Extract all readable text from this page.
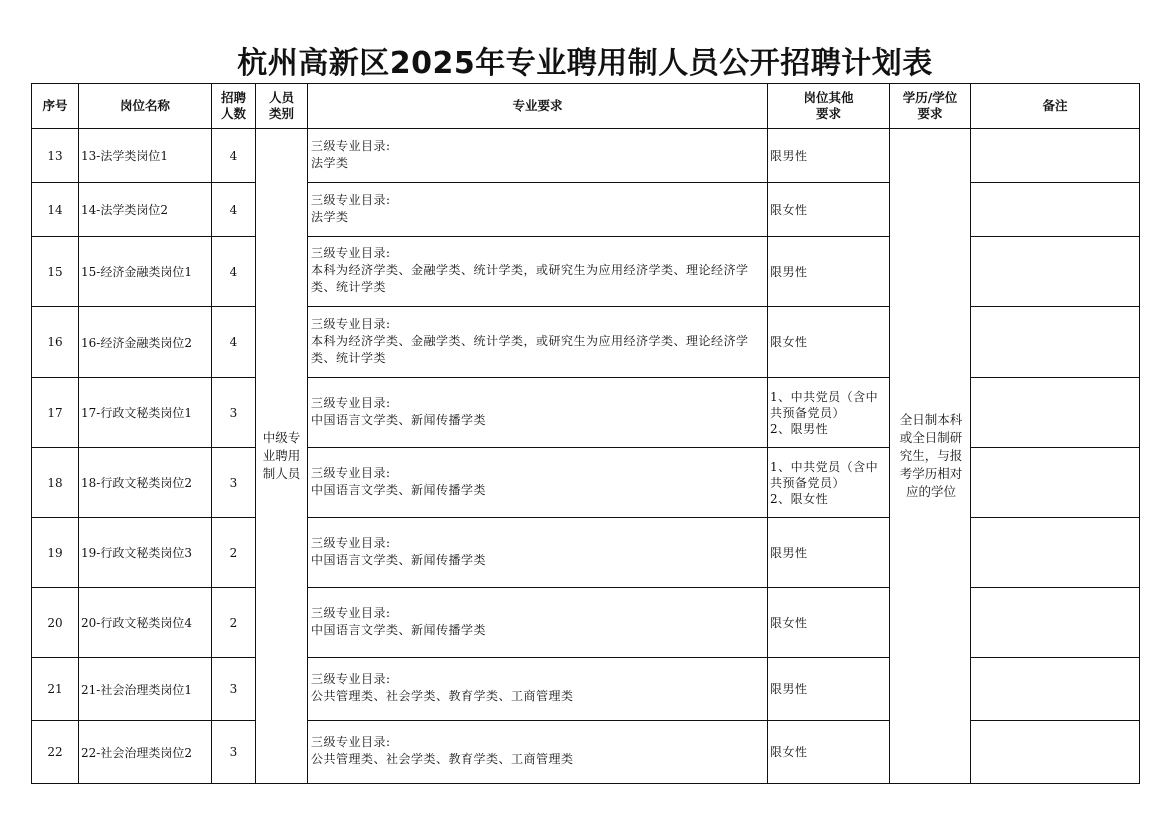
杭州高新区2025年专业聘用制人员公开招聘计划表
序号	岗位名称	招聘人数	人员类别	专业要求	岗位其他要求	学历/学位要求	备注
13	13-法学类岗位1	4	中级专业聘用制人员	三级专业目录:
法学类	限男性	全日制本科或全日制研究生，与报考学历相对应的学位	
14	14-法学类岗位2	4		三级专业目录:
法学类	限女性		
15	15-经济金融类岗位1	4		三级专业目录:
本科为经济学类、金融学类、统计学类，或研究生为应用经济学类、理论经济学类、统计学类	限男性		
16	16-经济金融类岗位2	4		三级专业目录:
本科为经济学类、金融学类、统计学类，或研究生为应用经济学类、理论经济学类、统计学类	限女性		
17	17-行政文秘类岗位1	3		三级专业目录:
中国语言文学类、新闻传播学类	1、中共党员（含中共预备党员）
2、限男性		
18	18-行政文秘类岗位2	3		三级专业目录:
中国语言文学类、新闻传播学类	1、中共党员（含中共预备党员）
2、限女性		
19	19-行政文秘类岗位3	2		三级专业目录:
中国语言文学类、新闻传播学类	限男性		
20	20-行政文秘类岗位4	2		三级专业目录:
中国语言文学类、新闻传播学类	限女性		
21	21-社会治理类岗位1	3		三级专业目录:
公共管理类、社会学类、教育学类、工商管理类	限男性		
22	22-社会治理类岗位2	3		三级专业目录:
公共管理类、社会学类、教育学类、工商管理类	限女性		
